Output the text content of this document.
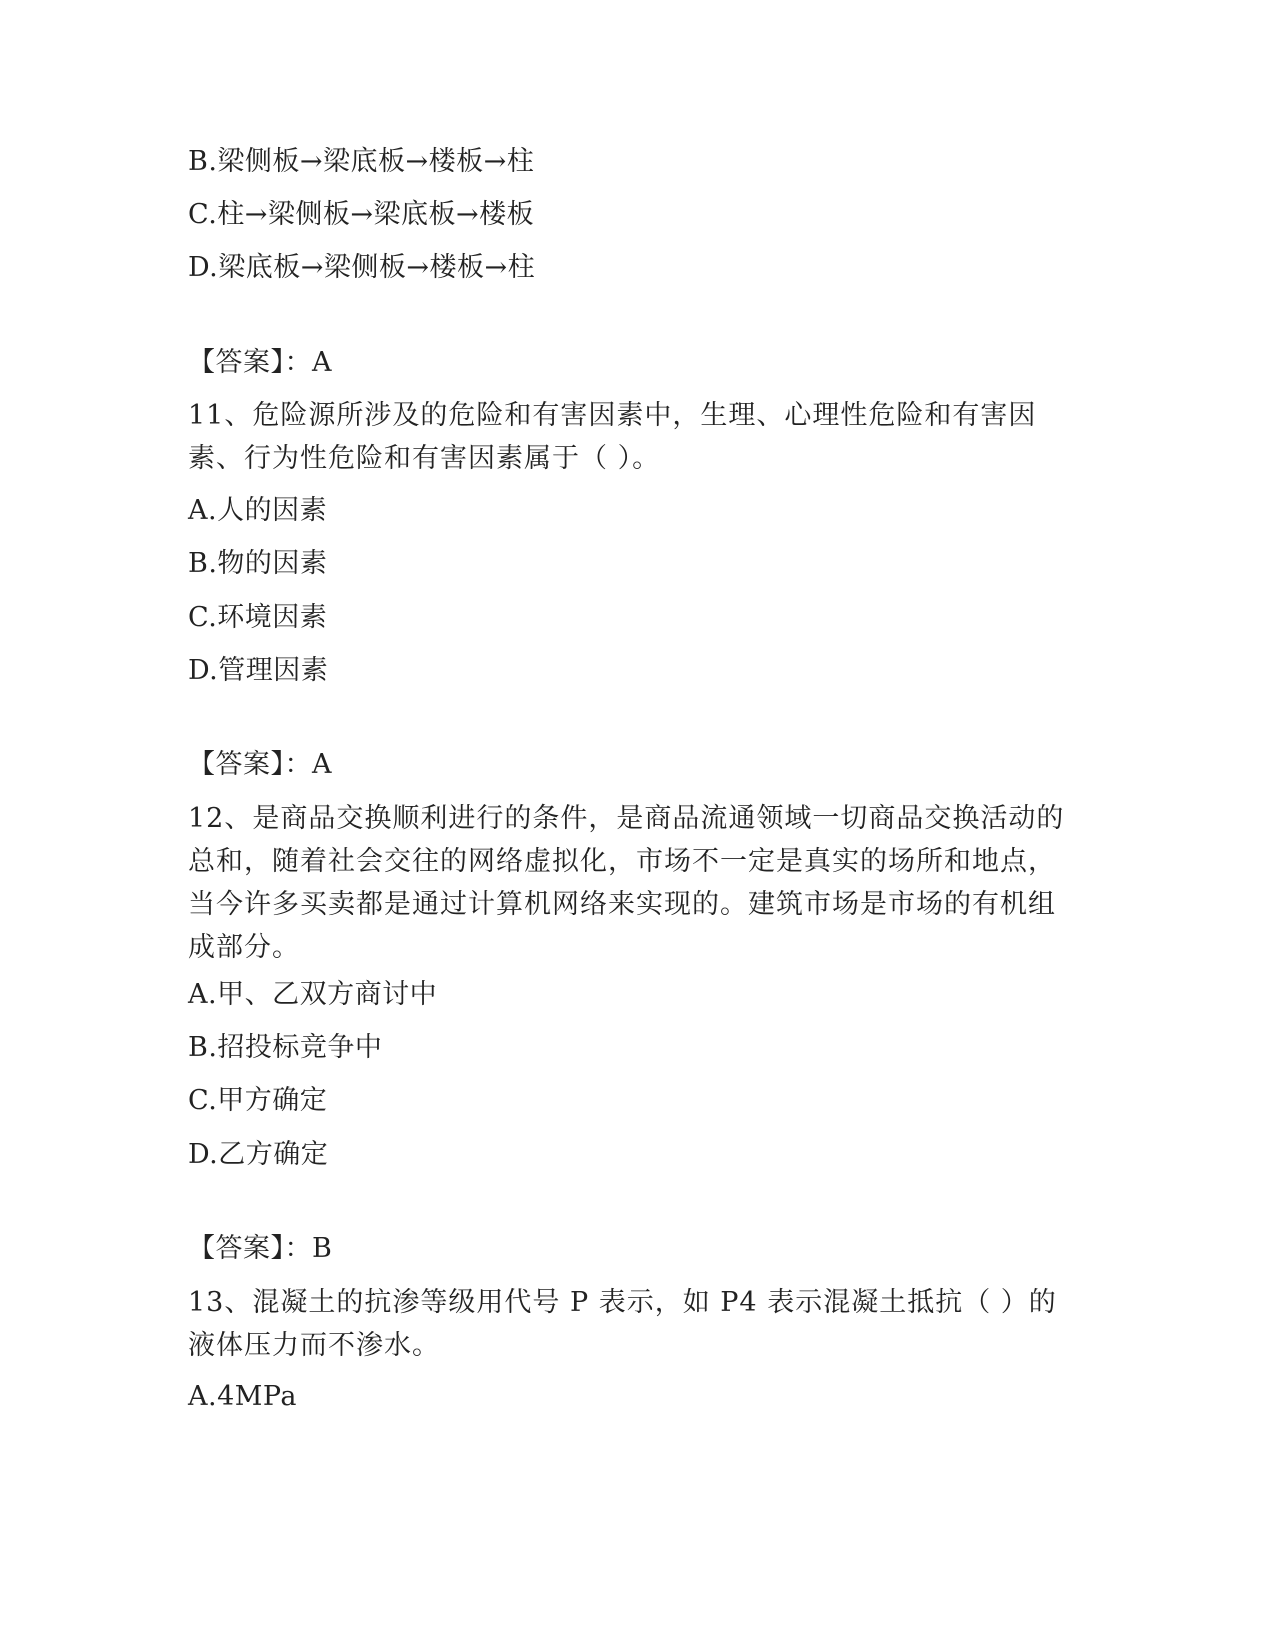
B.梁侧板→梁底板→楼板→柱
C.柱→梁侧板→梁底板→楼板
D.梁底板→梁侧板→楼板→柱
【答案】：A
11、危险源所涉及的危险和有害因素中，生理、心理性危险和有害因素、行为性危险和有害因素属于（ ）。
A.人的因素
B.物的因素
C.环境因素
D.管理因素
【答案】：A
12、是商品交换顺利进行的条件，是商品流通领域一切商品交换活动的总和，随着社会交往的网络虚拟化，市场不一定是真实的场所和地点，当今许多买卖都是通过计算机网络来实现的。建筑市场是市场的有机组成部分。
A.甲、乙双方商讨中
B.招投标竞争中
C.甲方确定
D.乙方确定
【答案】：B
13、混凝土的抗渗等级用代号 P 表示，如 P4 表示混凝土抵抗（ ）的液体压力而不渗水。
A.4MPa
